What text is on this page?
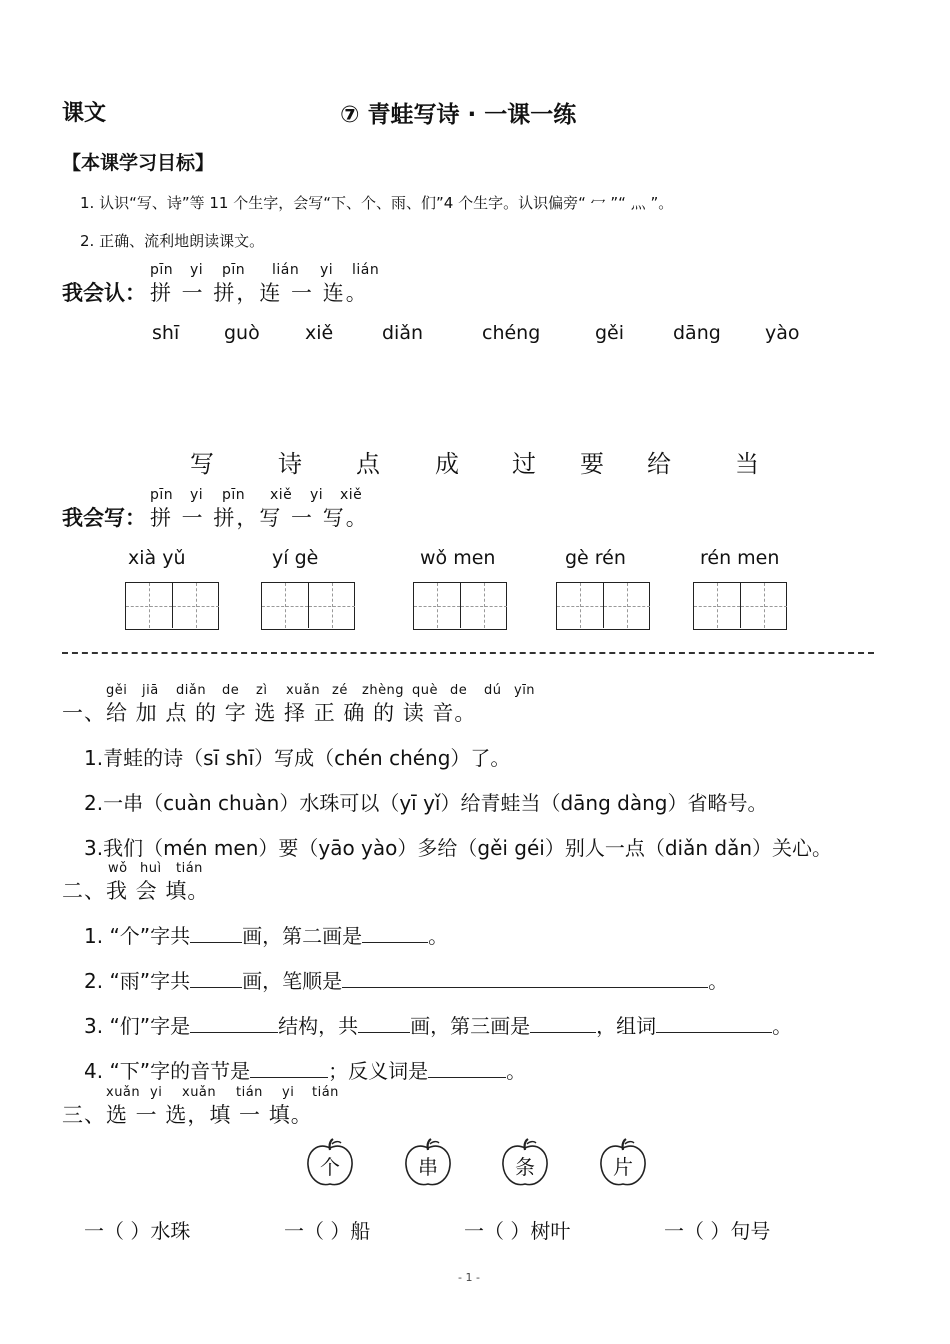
课文	⑦ 青蛙写诗 · 一课一练
【本课学习目标】
1. 认识“写、诗”等 11 个生字，会写“下、个、雨、们”4 个生字。认识偏旁“ 冖 ”“ 灬 ”。
2. 正确、流利地朗读课文。
pīn yi pīn lián yi lián
我会认： 拼 一 拼，连 一 连。
shī guò xiě	diǎn	chéng	gěi	dāng yào
写	诗 点 成 过 要 给	当
pīn yi pīn xiě yi xiě
我会写： 拼 一 拼，写 一 写。
xià yǔ	yí gè	wǒ men	gè rén	rén men
gěi jiā diǎn de zì xuǎn zé zhèng què de dú yīn
一、给 加 点 的 字 选 择 正 确 的 读 音。
1.青蛙的诗（sī shī）写成（chén chéng）了。
2.一串（cuàn chuàn）水珠可以（yī yǐ）给青蛙当（dāng dàng）省略号。
3.我们（mén men）要（yāo yào）多给（gěi géi）别人一点（diǎn dǎn）关心。
wǒ huì tián
二、我 会 填。
1. “个”字共	画，第二画是	。
2. “雨”字共	画，笔顺是	。
3. “们”字是	结构，共	画，第三画是	，组词	。
4. “下”字的音节是	；反义词是	。
xuǎn yi xuǎn tián yi tián
三、选 一 选，填 一 填。
个	串	条	片
一（ ）水珠	一（ ）船	一（ ）树叶	一（ ）句号
- 1 -
